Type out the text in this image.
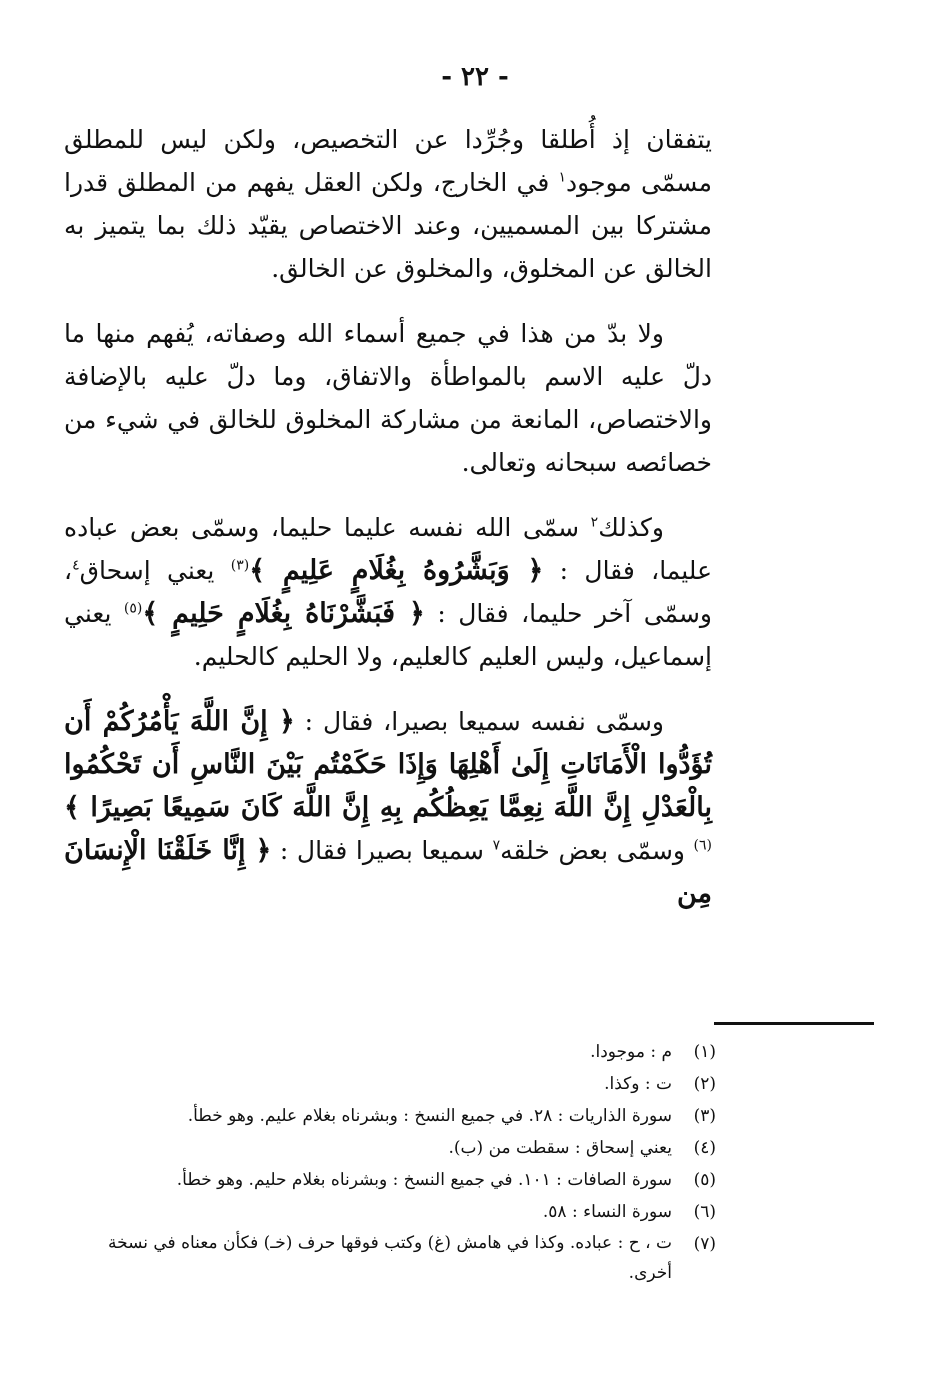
- ٢٢ -

يتفقان إذ أُطلقا وجُرِّدا عن التخصيص، ولكن ليس للمطلق مسمّى موجود$^١$ في الخارج، ولكن العقل يفهم من المطلق قدرا مشتركا بين المسميين، وعند الاختصاص يقيّد ذلك بما يتميز به الخالق عن المخلوق، والمخلوق عن الخالق.

ولا بدّ من هذا في جميع أسماء الله وصفاته، يُفهم منها ما دلّ عليه الاسم بالمواطأة والاتفاق، وما دلّ عليه بالإضافة والاختصاص، المانعة من مشاركة المخلوق للخالق في شيء من خصائصه سبحانه وتعالى.

وكذلك$^٢$ سمّى الله نفسه عليما حليما، وسمّى بعض عباده عليما، فقال : ﴿ وَبَشَّرُوهُ بِغُلَامٍ عَلِيمٍ ﴾$^{(٣)}$ يعني إسحاق$^٤$، وسمّى آخر حليما، فقال : ﴿ فَبَشَّرْنَاهُ بِغُلَامٍ حَلِيمٍ ﴾$^{(٥)}$ يعني إسماعيل، وليس العليم كالعليم، ولا الحليم كالحليم.

وسمّى نفسه سميعا بصيرا، فقال : ﴿ إِنَّ اللَّهَ يَأْمُرُكُمْ أَن تُؤَدُّوا الْأَمَانَاتِ إِلَىٰ أَهْلِهَا وَإِذَا حَكَمْتُم بَيْنَ النَّاسِ أَن تَحْكُمُوا بِالْعَدْلِ إِنَّ اللَّهَ نِعِمَّا يَعِظُكُم بِهِ إِنَّ اللَّهَ كَانَ سَمِيعًا بَصِيرًا ﴾$^{(٦)}$ وسمّى بعض خلقه$^٧$ سميعا بصيرا فقال : ﴿ إِنَّا خَلَقْنَا الْإِنسَانَ مِن

(١)
م : موجودا.
(٢)
ت : وكذا.
(٣)
سورة الذاريات : ٢٨. في جميع النسخ : وبشرناه بغلام عليم. وهو خطأ.
(٤)
يعني إسحاق : سقطت من (ب).
(٥)
سورة الصافات : ١٠١. في جميع النسخ : وبشرناه بغلام حليم. وهو خطأ.
(٦)
سورة النساء : ٥٨.
(٧)
ت ، ح : عباده. وكذا في هامش (غ) وكتب فوقها حرف (خـ) فكأن معناه في نسخة أخرى.
